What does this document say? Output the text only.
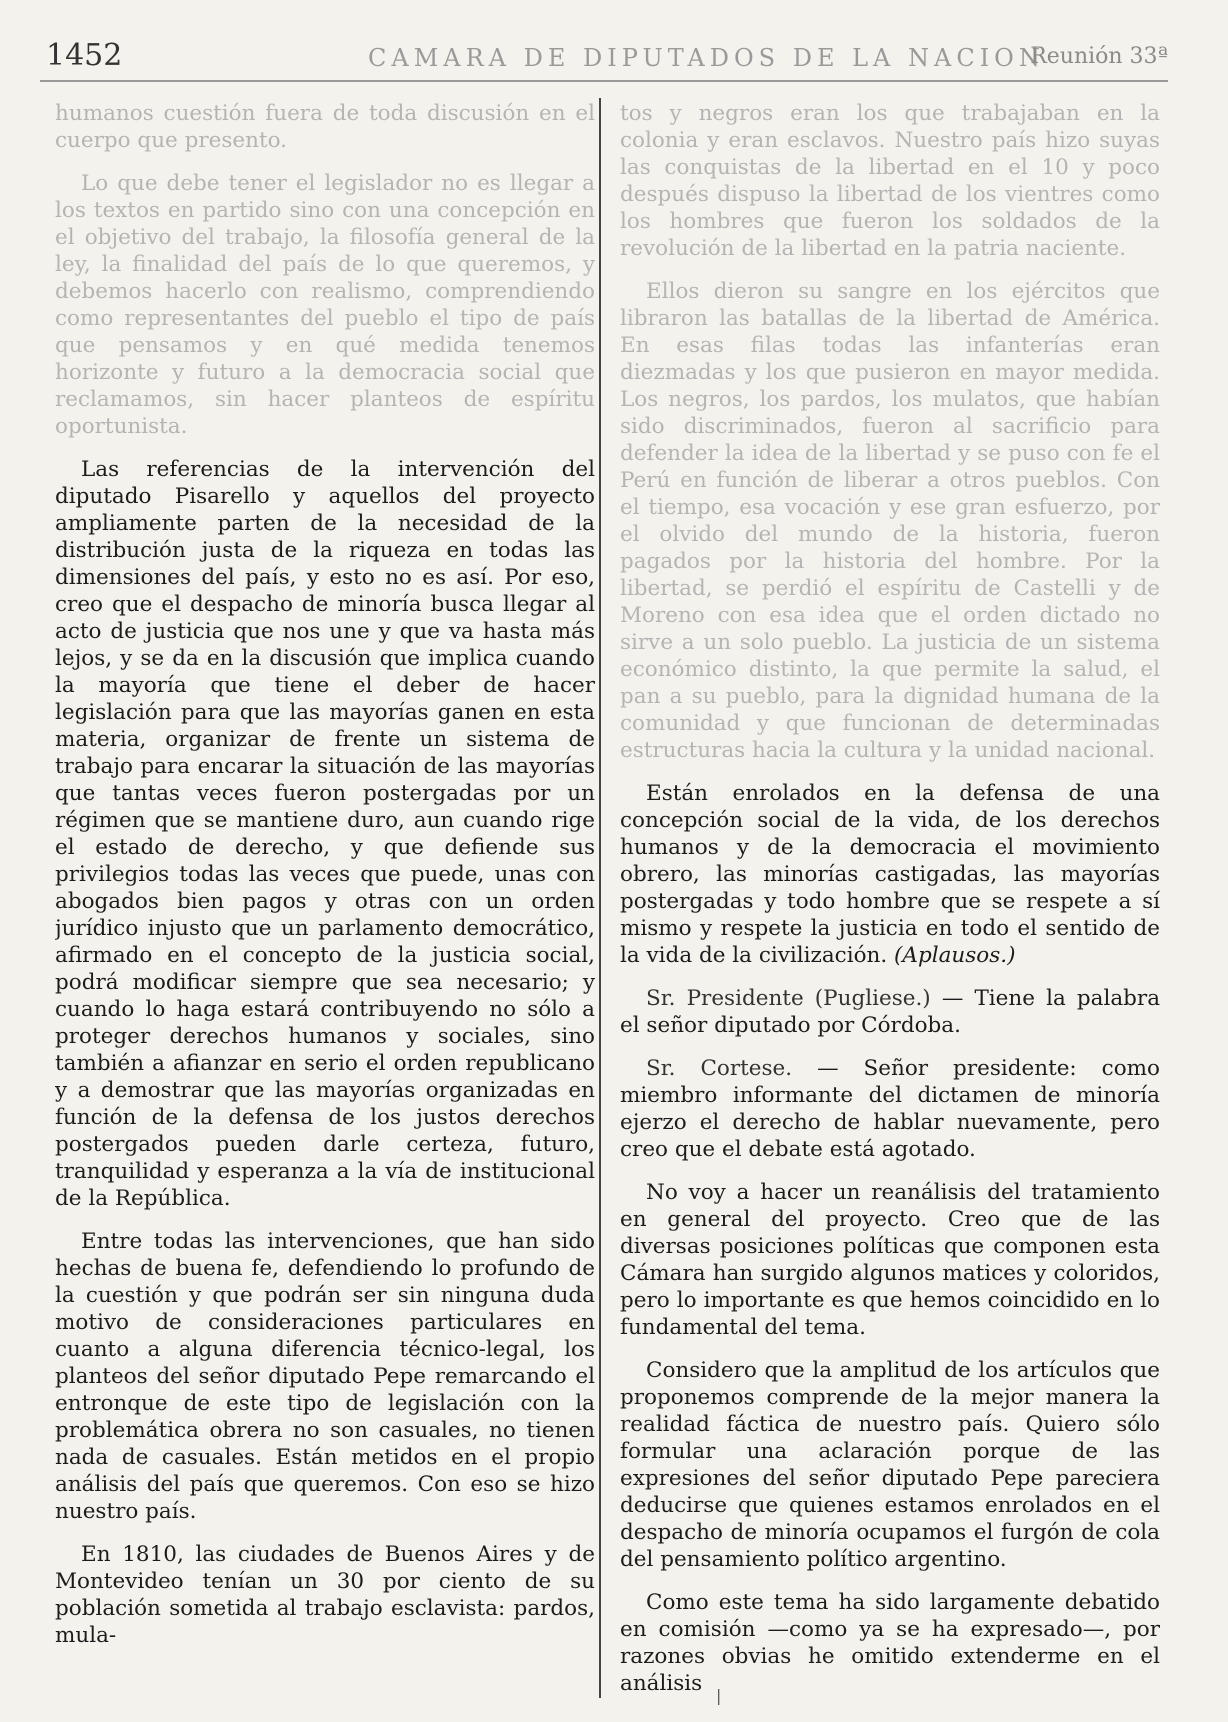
1452	CAMARA DE DIPUTADOS DE LA NACION
Reunión 33ª

humanos cuestión fuera de toda discusión en el cuerpo que presento.

Lo que debe tener el legislador no es llegar a los textos en partido sino con una concepción en el objetivo del trabajo, la filosofía general de la ley, la finalidad del país de lo que queremos, y debemos hacerlo con realismo, comprendiendo como representantes del pueblo el tipo de país que pensamos y en qué medida tenemos horizonte y futuro a la democracia social que reclamamos, sin hacer planteos de espíritu oportunista.

Las referencias de la intervención del diputado Pisarello y aquellos del proyecto ampliamente parten de la necesidad de la distribución justa de la riqueza en todas las dimensiones del país, y esto no es así. Por eso, creo que el despacho de minoría busca llegar al acto de justicia que nos une y que va hasta más lejos, y se da en la discusión que implica cuando la mayoría que tiene el deber de hacer legislación para que las mayorías ganen en esta materia, organizar de frente un sistema de trabajo para encarar la situación de las mayorías que tantas veces fueron postergadas por un régimen que se mantiene duro, aun cuando rige el estado de derecho, y que defiende sus privilegios todas las veces que puede, unas con abogados bien pagos y otras con un orden jurídico injusto que un parlamento democrático, afirmado en el concepto de la justicia social, podrá modificar siempre que sea necesario; y cuando lo haga estará contribuyendo no sólo a proteger derechos humanos y sociales, sino también a afianzar en serio el orden republicano y a demostrar que las mayorías organizadas en función de la defensa de los justos derechos postergados pueden darle certeza, futuro, tranquilidad y esperanza a la vía de institucional de la República.

Entre todas las intervenciones, que han sido hechas de buena fe, defendiendo lo profundo de la cuestión y que podrán ser sin ninguna duda motivo de consideraciones particulares en cuanto a alguna diferencia técnico-legal, los planteos del señor diputado Pepe remarcando el entronque de este tipo de legislación con la problemática obrera no son casuales, no tienen nada de casuales. Están metidos en el propio análisis del país que queremos. Con eso se hizo nuestro país.

En 1810, las ciudades de Buenos Aires y de Montevideo tenían un 30 por ciento de su población sometida al trabajo esclavista: pardos, mula-

tos y negros eran los que trabajaban en la colonia y eran esclavos. Nuestro país hizo suyas las conquistas de la libertad en el 10 y poco después dispuso la libertad de los vientres como los hombres que fueron los soldados de la revolución de la libertad en la patria naciente.

Ellos dieron su sangre en los ejércitos que libraron las batallas de la libertad de América. En esas filas todas las infanterías eran diezmadas y los que pusieron en mayor medida. Los negros, los pardos, los mulatos, que habían sido discriminados, fueron al sacrificio para defender la idea de la libertad y se puso con fe el Perú en función de liberar a otros pueblos. Con el tiempo, esa vocación y ese gran esfuerzo, por el olvido del mundo de la historia, fueron pagados por la historia del hombre. Por la libertad, se perdió el espíritu de Castelli y de Moreno con esa idea que el orden dictado no sirve a un solo pueblo. La justicia de un sistema económico distinto, la que permite la salud, el pan a su pueblo, para la dignidad humana de la comunidad y que funcionan de determinadas estructuras hacia la cultura y la unidad nacional.

Están enrolados en la defensa de una concepción social de la vida, de los derechos humanos y de la democracia el movimiento obrero, las minorías castigadas, las mayorías postergadas y todo hombre que se respete a sí mismo y respete la justicia en todo el sentido de la vida de la civilización. (Aplausos.)

Sr. Presidente (Pugliese.) — Tiene la palabra el señor diputado por Córdoba.

Sr. Cortese. — Señor presidente: como miembro informante del dictamen de minoría ejerzo el derecho de hablar nuevamente, pero creo que el debate está agotado.

No voy a hacer un reanálisis del tratamiento en general del proyecto. Creo que de las diversas posiciones políticas que componen esta Cámara han surgido algunos matices y coloridos, pero lo importante es que hemos coincidido en lo fundamental del tema.

Considero que la amplitud de los artículos que proponemos comprende de la mejor manera la realidad fáctica de nuestro país. Quiero sólo formular una aclaración porque de las expresiones del señor diputado Pepe pareciera deducirse que quienes estamos enrolados en el despacho de minoría ocupamos el furgón de cola del pensamiento político argentino.

Como este tema ha sido largamente debatido en comisión —como ya se ha expresado—, por razones obvias he omitido extenderme en el análisis |
